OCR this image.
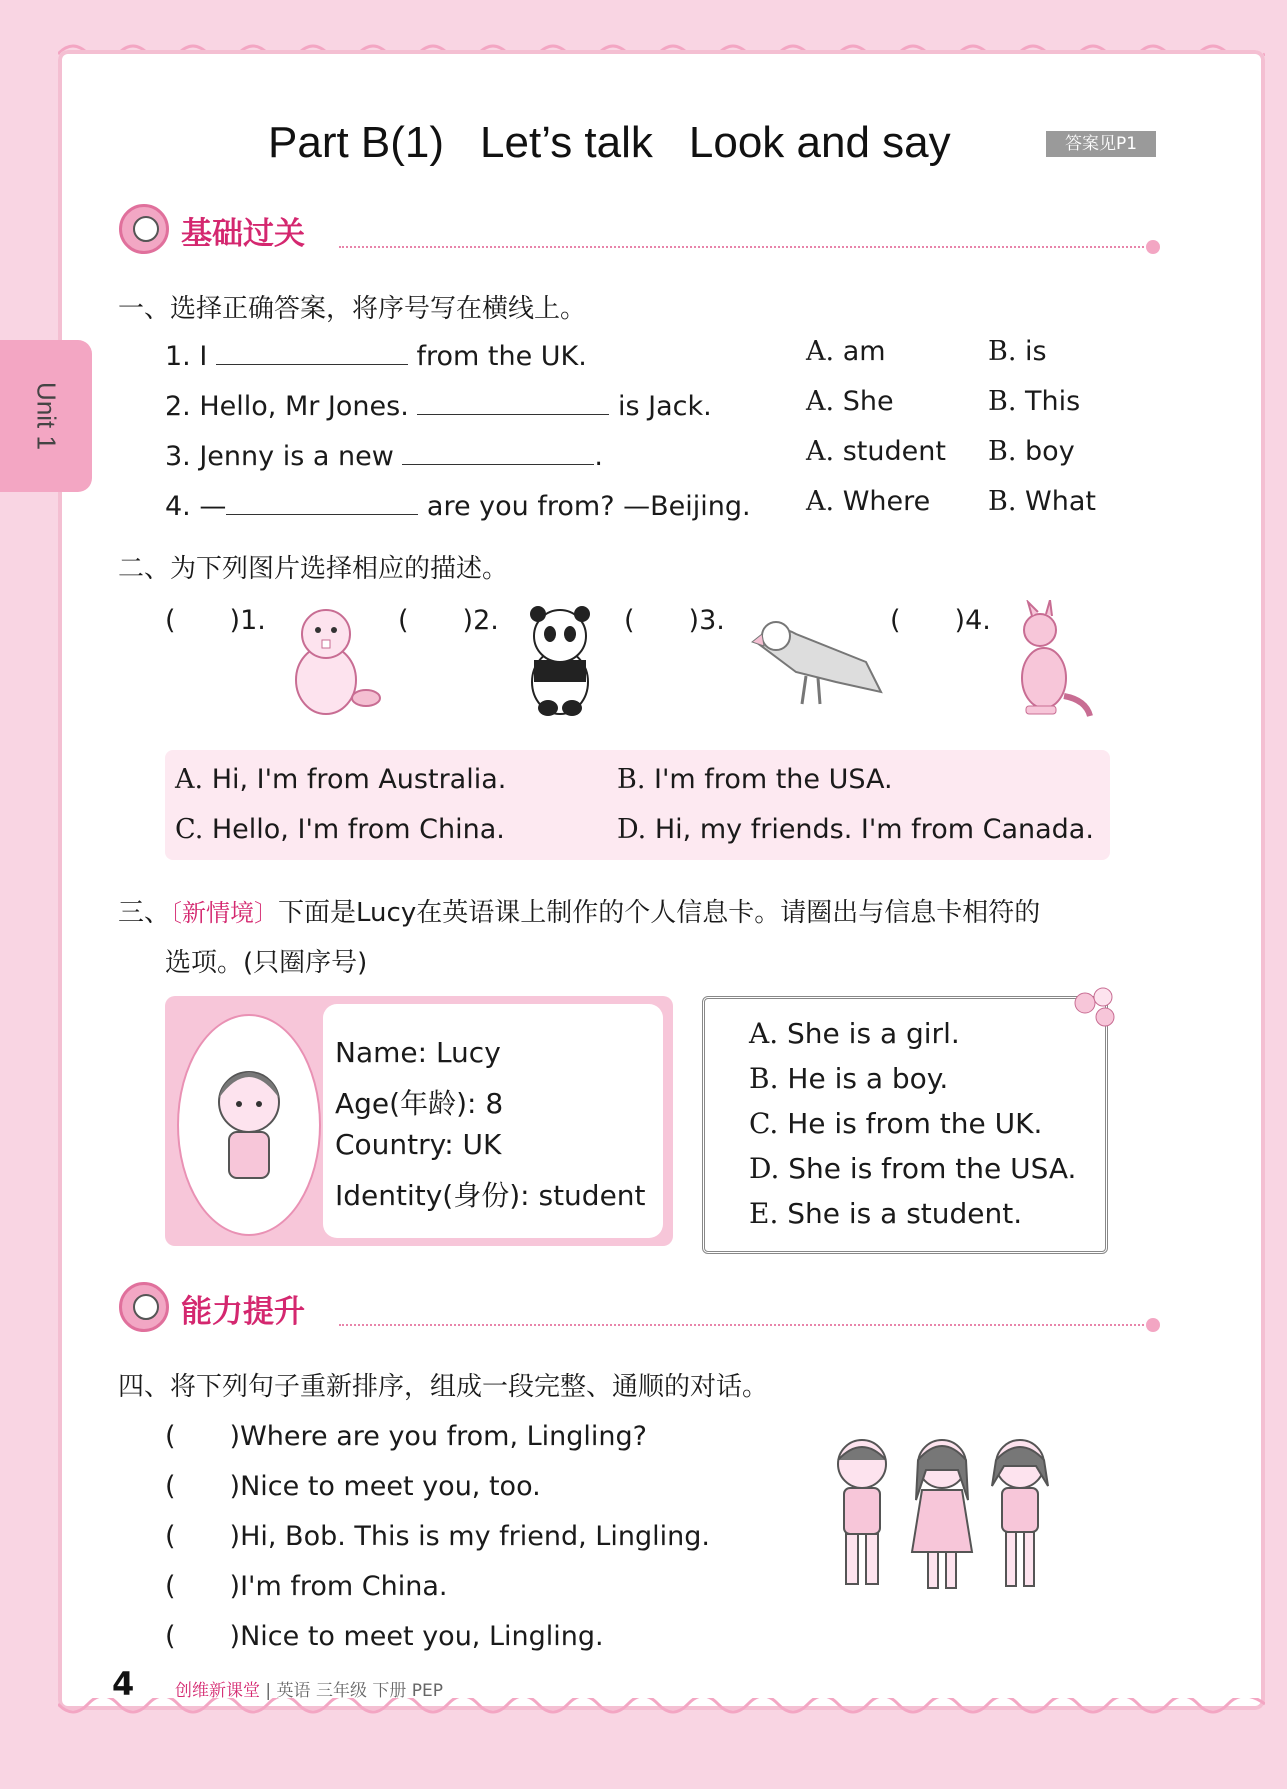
Unit 1
Part B(1) Let’s talk Look and say	答案见P1
基础过关
一、选择正确答案，将序号写在横线上。
1. I	from the UK.	A. am	B. is
2. Hello, Mr Jones.	is Jack.	A. She	B. This
3. Jenny is a new	.	A. student B. boy
4. —	are you from? —Beijing. A. Where B. What
二、为下列图片选择相应的描述。
(　　)1.	(　　)2.	(　　)3.	(　　)4.
A. Hi, I'm from Australia.	B. I'm from the USA.
C. Hello, I'm from China.	D. Hi, my friends. I'm from Canada.
三、〔新情境〕下面是Lucy在英语课上制作的个人信息卡。请圈出与信息卡相符的
选项。(只圈序号)
Name: Lucy
Age(年龄): 8
Country: UK
Identity(身份): student
A. She is a girl.
B. He is a boy.
C. He is from the UK.
D. She is from the USA.
E. She is a student.
能力提升
四、将下列句子重新排序，组成一段完整、通顺的对话。
(　　)Where are you from, Lingling?
(　　)Nice to meet you, too.
(　　)Hi, Bob. This is my friend, Lingling.
(　　)I'm from China.
(　　)Nice to meet you, Lingling.
4 创维新课堂 | 英语 三年级 下册 PEP
